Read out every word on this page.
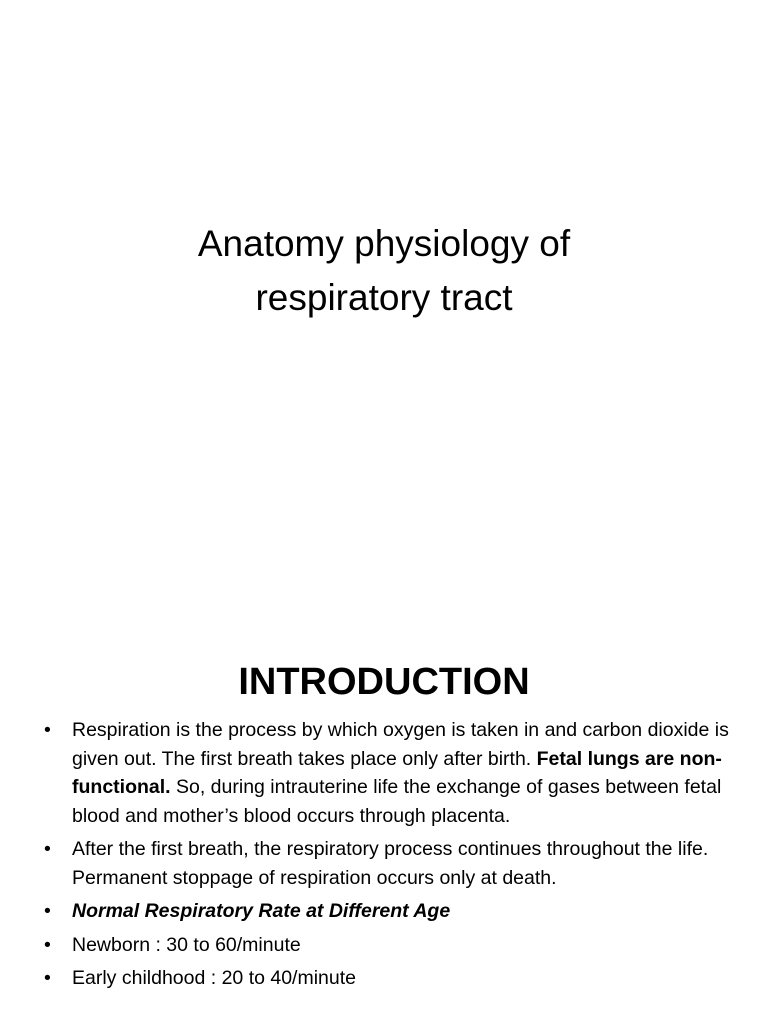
Anatomy physiology of
respiratory tract
INTRODUCTION
• Respiration is the process by which oxygen is taken in and carbon dioxide is given out. The first breath takes place only after birth. Fetal lungs are non-functional. So, during intrauterine life the exchange of gases between fetal blood and mother’s blood occurs through placenta.
• After the first breath, the respiratory process continues throughout the life. Permanent stoppage of respiration occurs only at death.
• Normal Respiratory Rate at Different Age
• Newborn : 30 to 60/minute
• Early childhood : 20 to 40/minute
